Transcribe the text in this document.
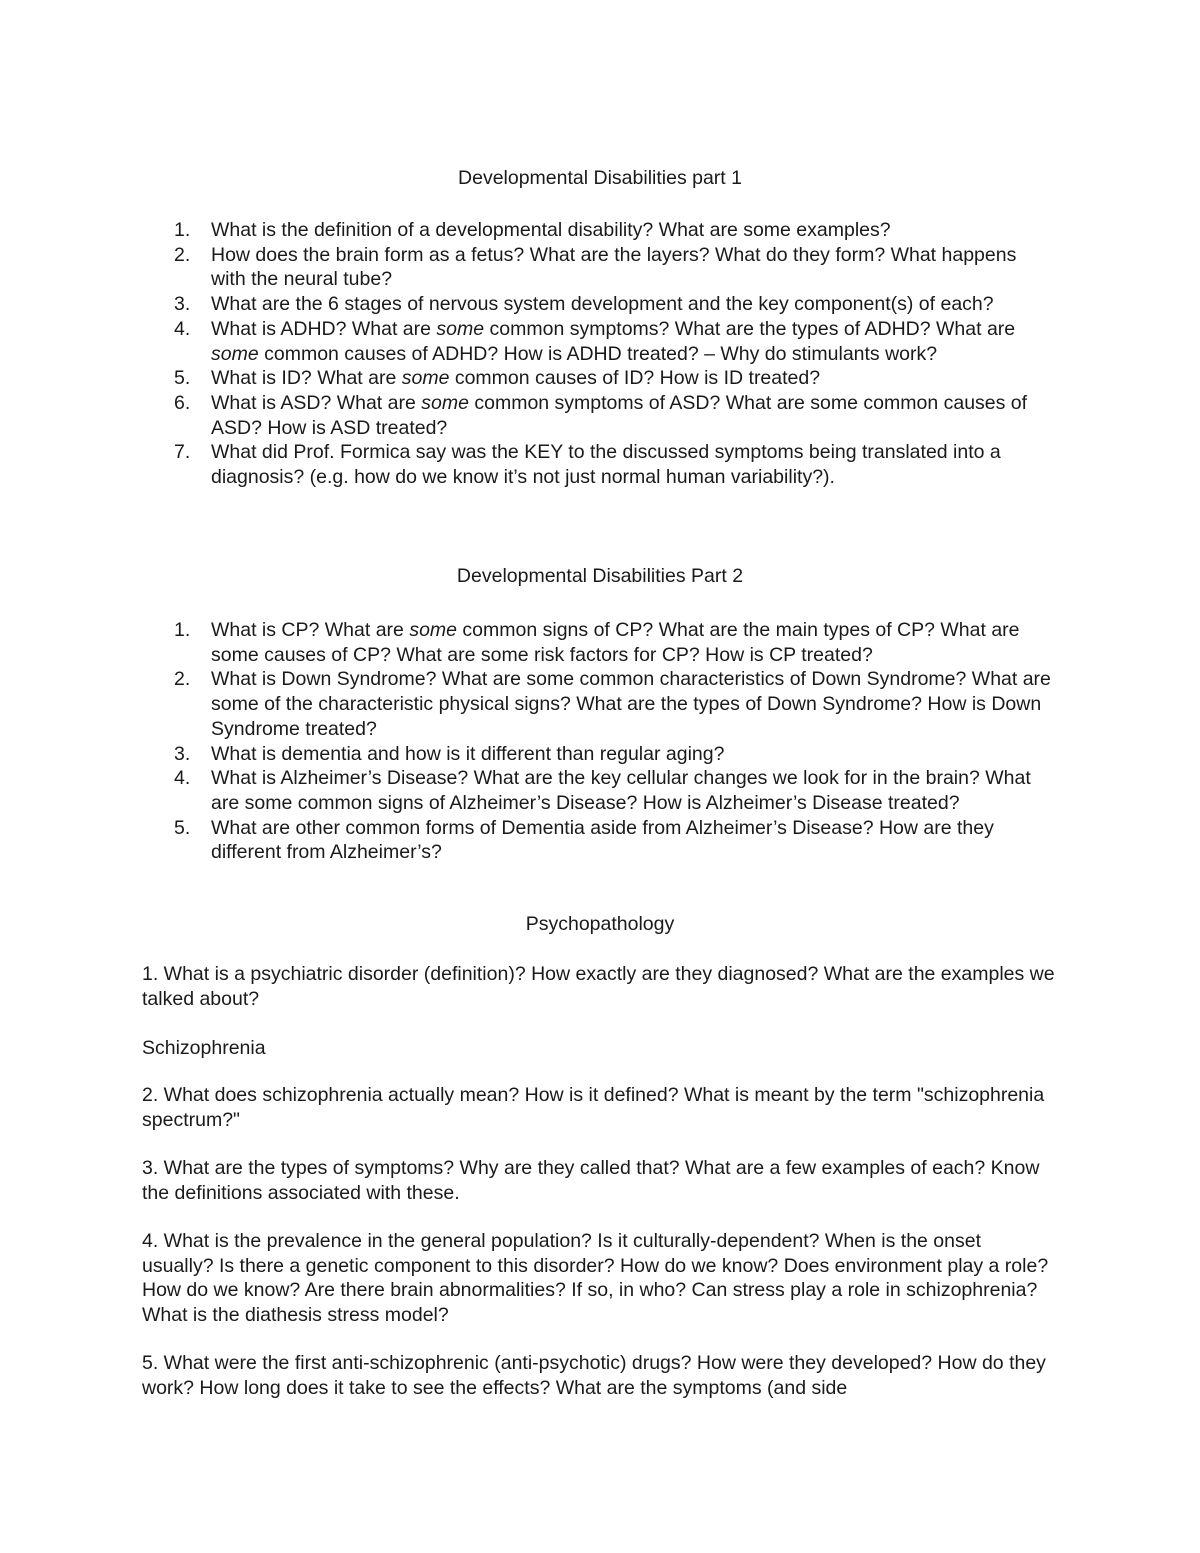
Developmental Disabilities part 1
1. What is the definition of a developmental disability? What are some examples?
2. How does the brain form as a fetus? What are the layers? What do they form? What happens with the neural tube?
3. What are the 6 stages of nervous system development and the key component(s) of each?
4. What is ADHD? What are some common symptoms? What are the types of ADHD? What are some common causes of ADHD? How is ADHD treated? – Why do stimulants work?
5. What is ID? What are some common causes of ID? How is ID treated?
6. What is ASD? What are some common symptoms of ASD? What are some common causes of ASD? How is ASD treated?
7. What did Prof. Formica say was the KEY to the discussed symptoms being translated into a diagnosis? (e.g. how do we know it’s not just normal human variability?).
Developmental Disabilities Part 2
1. What is CP? What are some common signs of CP? What are the main types of CP? What are some causes of CP? What are some risk factors for CP? How is CP treated?
2. What is Down Syndrome? What are some common characteristics of Down Syndrome? What are some of the characteristic physical signs? What are the types of Down Syndrome? How is Down Syndrome treated?
3. What is dementia and how is it different than regular aging?
4. What is Alzheimer’s Disease? What are the key cellular changes we look for in the brain? What are some common signs of Alzheimer’s Disease? How is Alzheimer’s Disease treated?
5. What are other common forms of Dementia aside from Alzheimer’s Disease? How are they different from Alzheimer’s?
Psychopathology

1. What is a psychiatric disorder (definition)? How exactly are they diagnosed? What are the examples we talked about?

Schizophrenia

2. What does schizophrenia actually mean? How is it defined? What is meant by the term "schizophrenia spectrum?"

3. What are the types of symptoms? Why are they called that? What are a few examples of each? Know the definitions associated with these.

4. What is the prevalence in the general population? Is it culturally-dependent? When is the onset usually? Is there a genetic component to this disorder? How do we know? Does environment play a role? How do we know? Are there brain abnormalities? If so, in who? Can stress play a role in schizophrenia? What is the diathesis stress model?

5. What were the first anti-schizophrenic (anti-psychotic) drugs? How were they developed? How do they work? How long does it take to see the effects? What are the symptoms (and side
